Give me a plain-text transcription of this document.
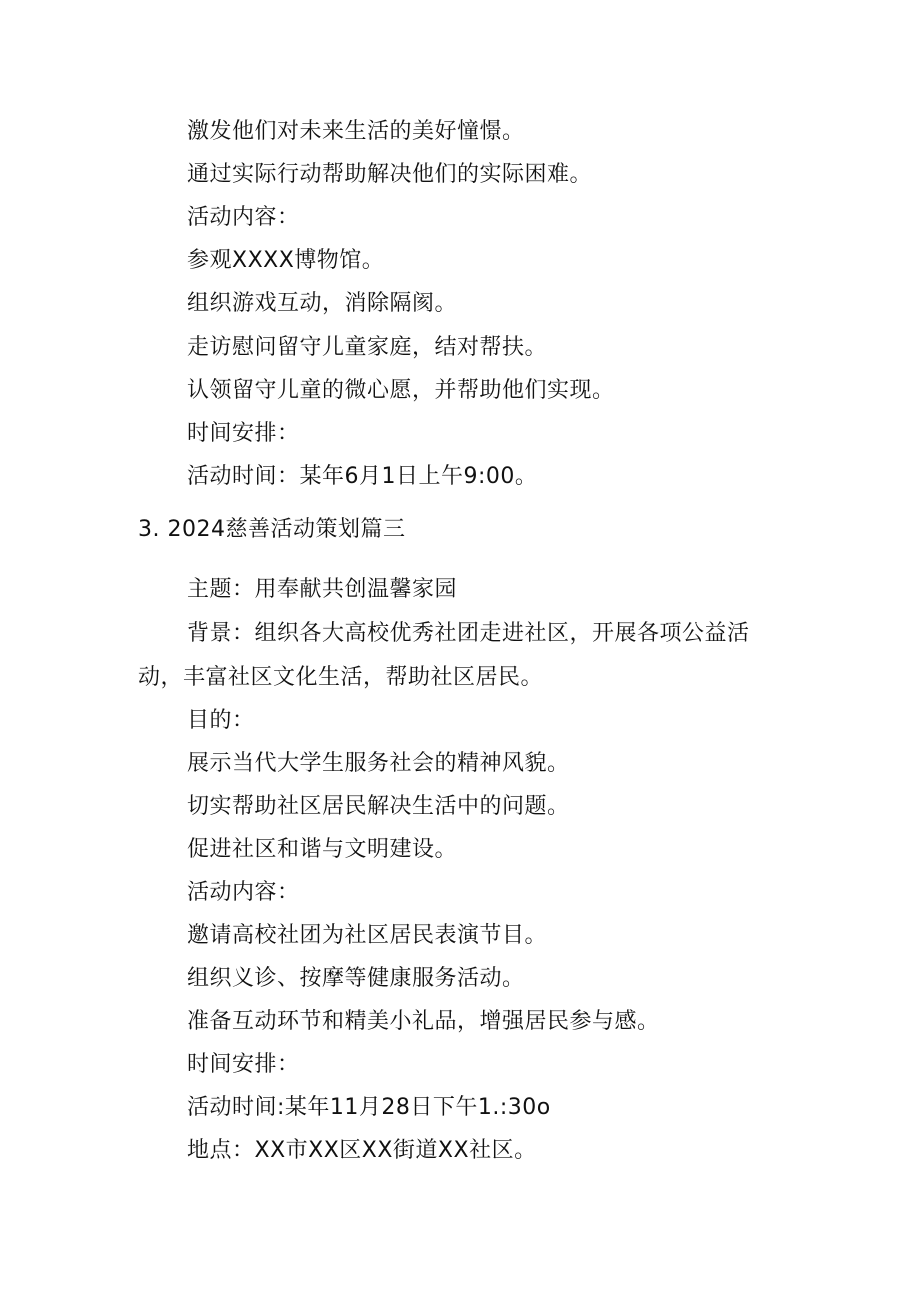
激发他们对未来生活的美好憧憬。
通过实际行动帮助解决他们的实际困难。
活动内容：
参观XXXX博物馆。
组织游戏互动，消除隔阂。
走访慰问留守儿童家庭，结对帮扶。
认领留守儿童的微心愿，并帮助他们实现。
时间安排：
活动时间：某年6月1日上午9:00。
3. 2024慈善活动策划篇三
主题：用奉献共创温馨家园
背景：组织各大高校优秀社团走进社区，开展各项公益活
动，丰富社区文化生活，帮助社区居民。
目的：
展示当代大学生服务社会的精神风貌。
切实帮助社区居民解决生活中的问题。
促进社区和谐与文明建设。
活动内容：
邀请高校社团为社区居民表演节目。
组织义诊、按摩等健康服务活动。
准备互动环节和精美小礼品，增强居民参与感。
时间安排：
活动时间:某年11月28日下午1.:30o
地点：XX市XX区XX街道XX社区。
